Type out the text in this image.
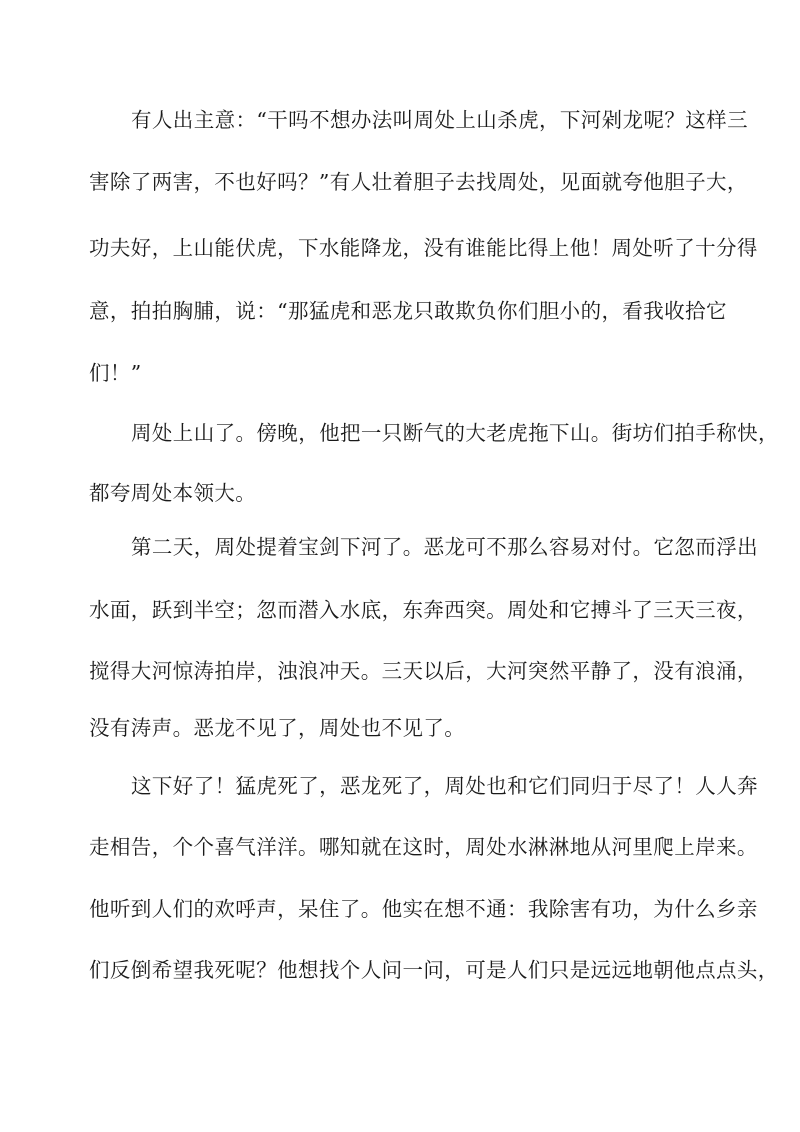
有人出主意：“干吗不想办法叫周处上山杀虎，下河剁龙呢？这样三
害除了两害，不也好吗？”有人壮着胆子去找周处，见面就夸他胆子大，
功夫好，上山能伏虎，下水能降龙，没有谁能比得上他！周处听了十分得
意，拍拍胸脯，说：“那猛虎和恶龙只敢欺负你们胆小的，看我收拾它
们！”
周处上山了。傍晚，他把一只断气的大老虎拖下山。街坊们拍手称快，
都夸周处本领大。
第二天，周处提着宝剑下河了。恶龙可不那么容易对付。它忽而浮出
水面，跃到半空；忽而潜入水底，东奔西突。周处和它搏斗了三天三夜，
搅得大河惊涛拍岸，浊浪冲天。三天以后，大河突然平静了，没有浪涌，
没有涛声。恶龙不见了，周处也不见了。
这下好了！猛虎死了，恶龙死了，周处也和它们同归于尽了！人人奔
走相告，个个喜气洋洋。哪知就在这时，周处水淋淋地从河里爬上岸来。
他听到人们的欢呼声，呆住了。他实在想不通：我除害有功，为什么乡亲
们反倒希望我死呢？他想找个人问一问，可是人们只是远远地朝他点点头，
